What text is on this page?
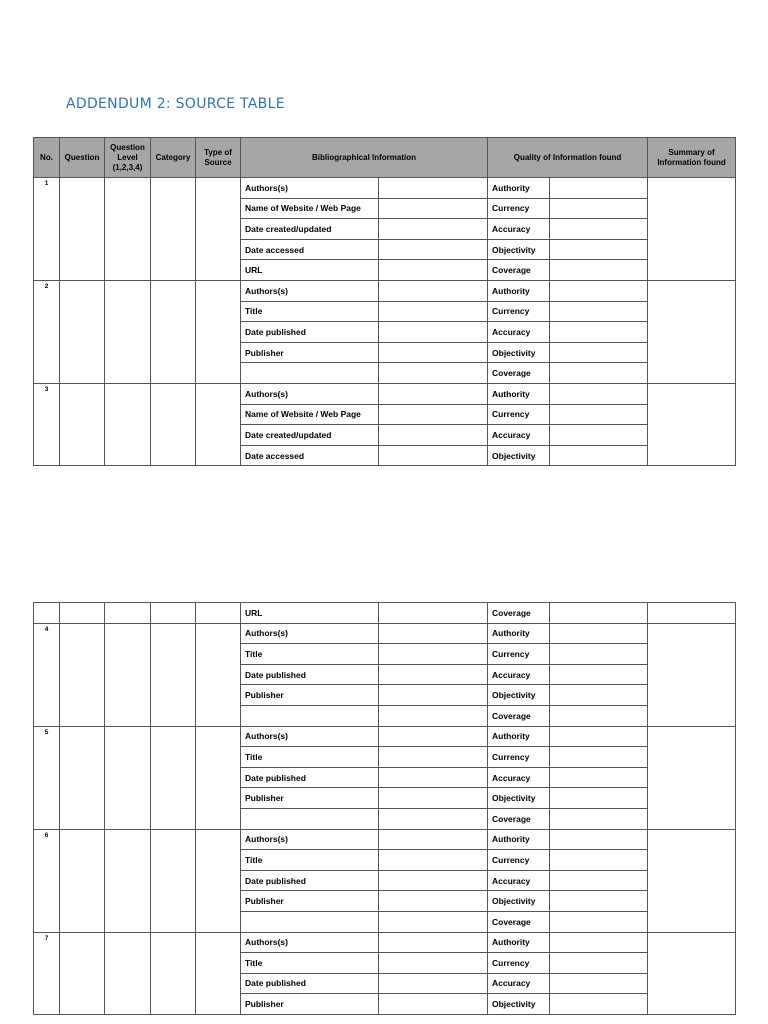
ADDENDUM 2: SOURCE TABLE
No.	Question	Question Level (1,2,3,4)	Category	Type of Source	Bibliographical Information		Quality of Information found		Summary of Information found
1					Authors(s)		Authority		
					Name of Website / Web Page		Currency		
					Date created/updated		Accuracy		
					Date accessed		Objectivity		
					URL		Coverage		
2					Authors(s)		Authority		
					Title		Currency		
					Date published		Accuracy		
					Publisher		Objectivity		
							Coverage		
3					Authors(s)		Authority		
					Name of Website / Web Page		Currency		
					Date created/updated		Accuracy		
					Date accessed		Objectivity		
					URL		Coverage		
4					Authors(s)		Authority		
					Title		Currency		
					Date published		Accuracy		
					Publisher		Objectivity		
							Coverage		
5					Authors(s)		Authority		
					Title		Currency		
					Date published		Accuracy		
					Publisher		Objectivity		
							Coverage		
6					Authors(s)		Authority		
					Title		Currency		
					Date published		Accuracy		
					Publisher		Objectivity		
							Coverage		
7					Authors(s)		Authority		
					Title		Currency		
					Date published		Accuracy		
					Publisher		Objectivity		
